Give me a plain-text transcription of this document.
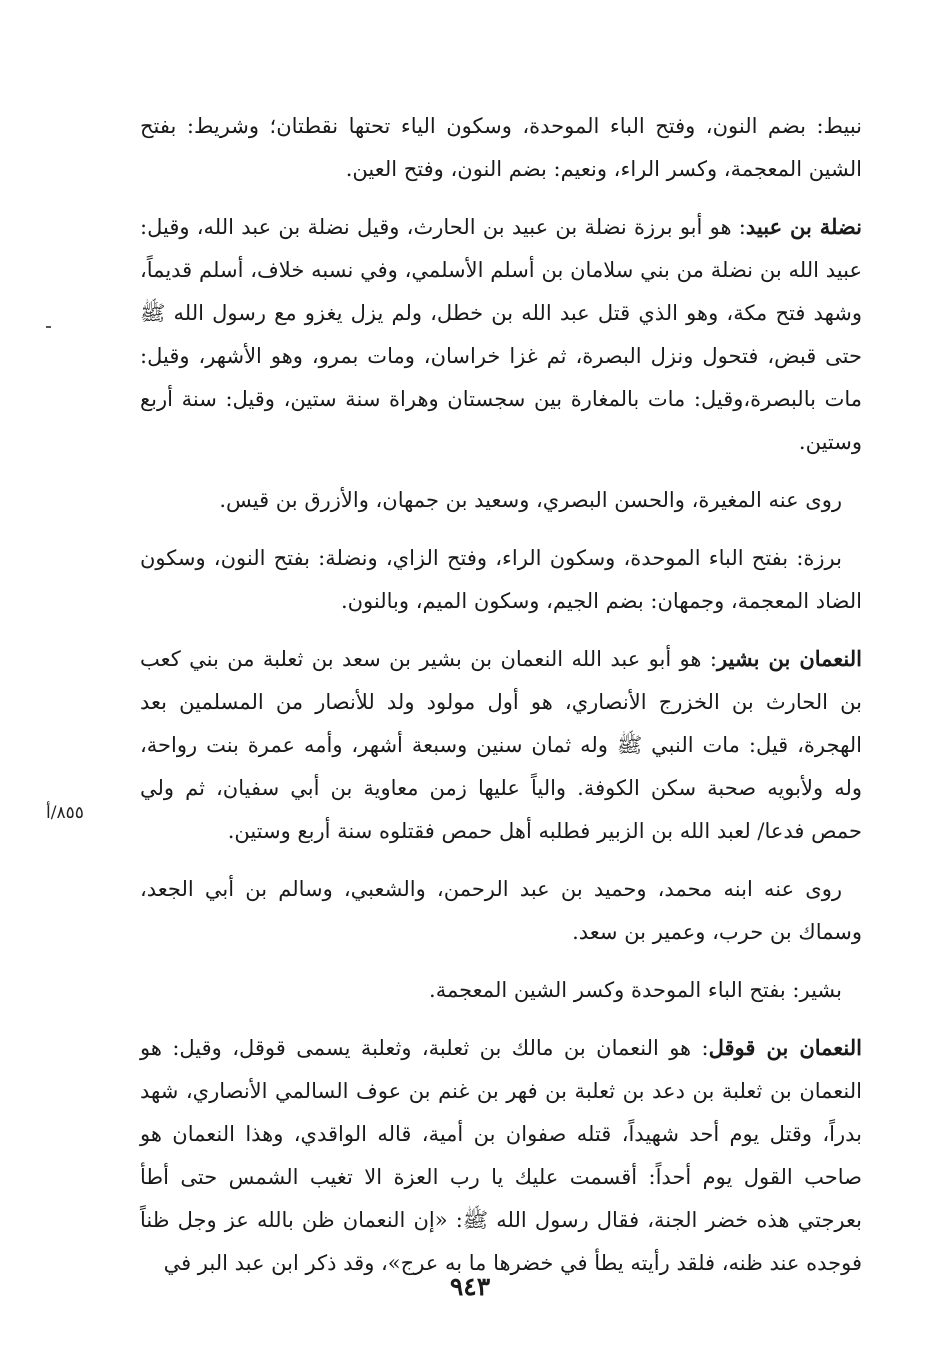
نبيط: بضم النون، وفتح الباء الموحدة، وسكون الياء تحتها نقطتان؛ وشريط: بفتح الشين المعجمة، وكسر الراء، ونعيم: بضم النون، وفتح العين.

نضلة بن عبيد: هو أبو برزة نضلة بن عبيد بن الحارث، وقيل نضلة بن عبد الله، وقيل: عبيد الله بن نضلة من بني سلامان بن أسلم الأسلمي، وفي نسبه خلاف، أسلم قديماً، وشهد فتح مكة، وهو الذي قتل عبد الله بن خطل، ولم يزل يغزو مع رسول الله ﷺ حتى قبض، فتحول ونزل البصرة، ثم غزا خراسان، ومات بمرو، وهو الأشهر، وقيل: مات بالبصرة،وقيل: مات بالمغارة بين سجستان وهراة سنة ستين، وقيل: سنة أربع وستين.

روى عنه المغيرة، والحسن البصري، وسعيد بن جمهان، والأزرق بن قيس.

برزة: بفتح الباء الموحدة، وسكون الراء، وفتح الزاي، ونضلة: بفتح النون، وسكون الضاد المعجمة، وجمهان: بضم الجيم، وسكون الميم، وبالنون.

النعمان بن بشير: هو أبو عبد الله النعمان بن بشير بن سعد بن ثعلبة من بني كعب بن الحارث بن الخزرج الأنصاري، هو أول مولود ولد للأنصار من المسلمين بعد الهجرة، قيل: مات النبي ﷺ وله ثمان سنين وسبعة أشهر، وأمه عمرة بنت رواحة، وله ولأبويه صحبة سكن الكوفة. والياً عليها زمن معاوية بن أبي سفيان، ثم ولي حمص فدعا/ لعبد الله بن الزبير فطلبه أهل حمص فقتلوه سنة أربع وستين.

روى عنه ابنه محمد، وحميد بن عبد الرحمن، والشعبي، وسالم بن أبي الجعد، وسماك بن حرب، وعمير بن سعد.

بشير: بفتح الباء الموحدة وكسر الشين المعجمة.

النعمان بن قوقل: هو النعمان بن مالك بن ثعلبة، وثعلبة يسمى قوقل، وقيل: هو النعمان بن ثعلبة بن دعد بن ثعلبة بن فهر بن غنم بن عوف السالمي الأنصاري، شهد بدراً، وقتل يوم أحد شهيداً، قتله صفوان بن أمية، قاله الواقدي، وهذا النعمان هو صاحب القول يوم أحداً: أقسمت عليك يا رب العزة الا تغيب الشمس حتى أطأ بعرجتي هذه خضر الجنة، فقال رسول الله ﷺ: «إن النعمان ظن بالله عز وجل ظناً فوجده عند ظنه، فلقد رأيته يطأ في خضرها ما به عرج»، وقد ذكر ابن عبد البر في

٨٥٥/أ
٩٤٣
